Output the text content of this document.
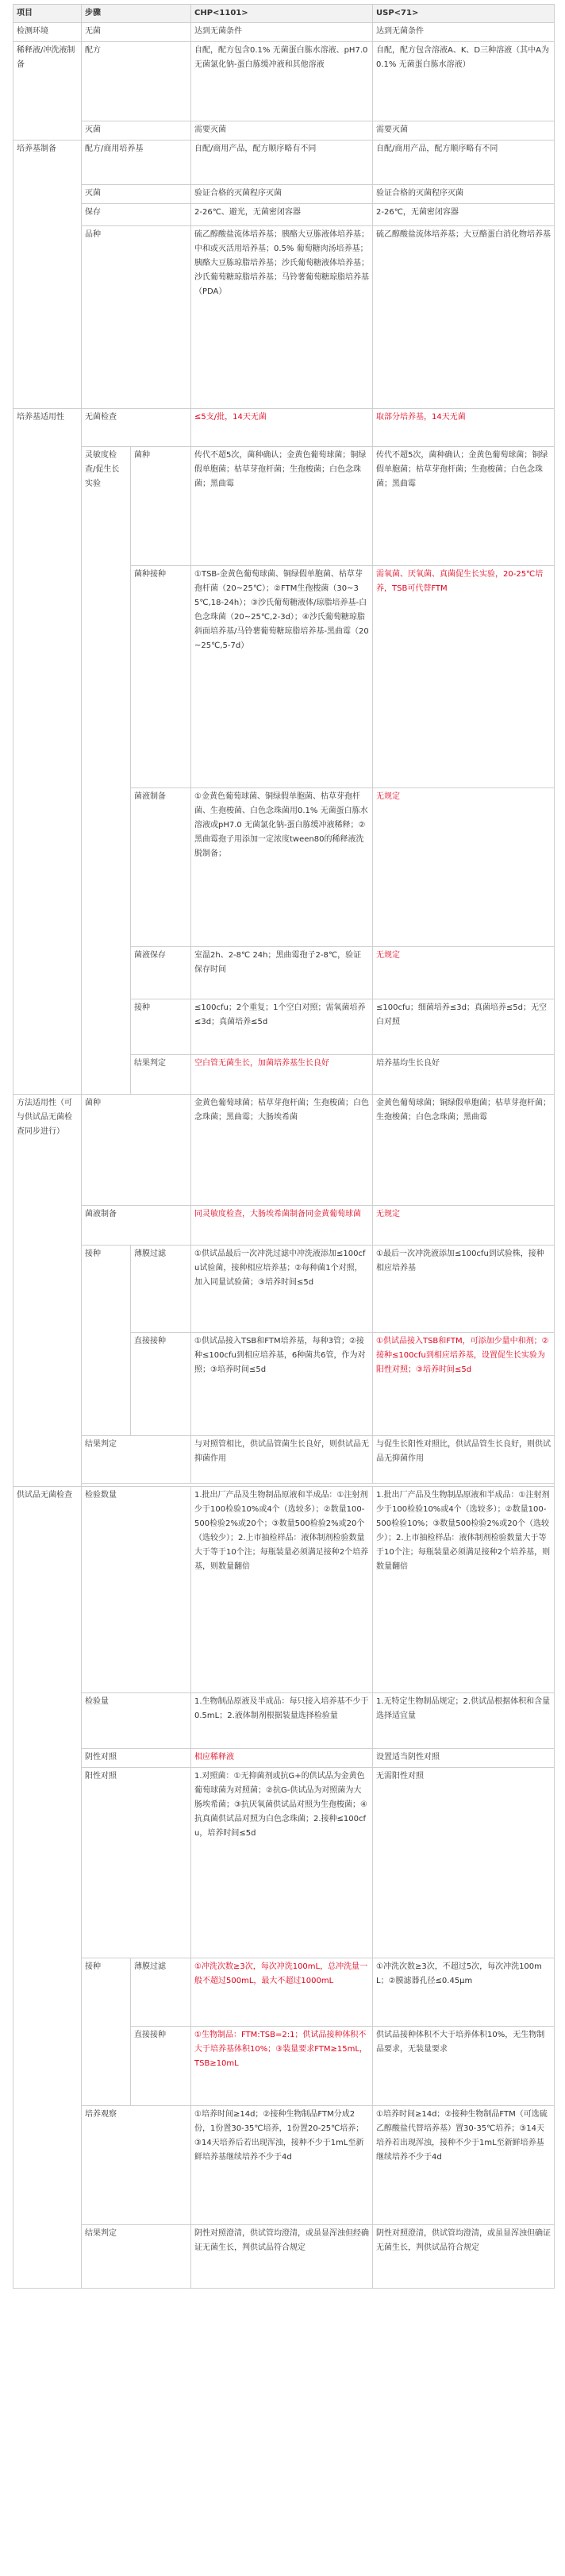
项目	步骤		CHP<1101>	USP<71>
检测环境	无菌		达到无菌条件	达到无菌条件
稀释液/冲洗液制备	配方		自配，配方包含0.1% 无菌蛋白胨水溶液、pH7.0无菌氯化钠-蛋白胨缓冲液和其他溶液	自配，配方包含溶液A、K、D三种溶液（其中A为0.1% 无菌蛋白胨水溶液）
	灭菌		需要灭菌	需要灭菌
培养基制备	配方/商用培养基		自配/商用产品，配方顺序略有不同	自配/商用产品，配方顺序略有不同
	灭菌		验证合格的灭菌程序灭菌	验证合格的灭菌程序灭菌
	保存		2-26℃、避光，无菌密闭容器	2-26℃，无菌密闭容器
	品种		硫乙醇酸盐流体培养基；胰酪大豆胨液体培养基；中和或灭活用培养基；0.5% 葡萄糖肉汤培养基；胰酪大豆胨琼脂培养基；沙氏葡萄糖液体培养基；沙氏葡萄糖琼脂培养基；马铃薯葡萄糖琼脂培养基（PDA）	硫乙醇酸盐流体培养基；大豆酪蛋白消化物培养基
培养基适用性	无菌检查		≤5支/批，14天无菌	取部分培养基，14天无菌
	灵敏度检查/促生长实验	菌种	传代不超5次，菌种确认；金黄色葡萄球菌；铜绿假单胞菌；枯草芽孢杆菌；生孢梭菌；白色念珠菌；黑曲霉	传代不超5次，菌种确认；金黄色葡萄球菌；铜绿假单胞菌；枯草芽孢杆菌；生孢梭菌；白色念珠菌；黑曲霉
		菌种接种	①TSB-金黄色葡萄球菌、铜绿假单胞菌、枯草芽孢杆菌（20~25℃）；②FTM生孢梭菌（30~35℃,18-24h）；③沙氏葡萄糖液体/琼脂培养基-白色念珠菌（20~25℃,2-3d）；④沙氏葡萄糖琼脂斜面培养基/马铃薯葡萄糖琼脂培养基-黑曲霉（20~25℃,5-7d）	需氧菌、厌氧菌、真菌促生长实验，20-25℃培养，TSB可代替FTM
		菌液制备	①金黄色葡萄球菌、铜绿假单胞菌、枯草芽孢杆菌、生孢梭菌、白色念珠菌用0.1% 无菌蛋白胨水溶液或pH7.0 无菌氯化钠-蛋白胨缓冲液稀释；②黑曲霉孢子用添加一定浓度tween80的稀释液洗脱制备；	无规定
		菌液保存	室温2h、2-8℃ 24h；黑曲霉孢子2-8℃，验证保存时间	无规定
		接种	≤100cfu；2个重复；1个空白对照；需氧菌培养≤3d；真菌培养≤5d	≤100cfu；细菌培养≤3d；真菌培养≤5d；无空白对照
		结果判定	空白管无菌生长，加菌培养基生长良好	培养基均生长良好
方法适用性（可与供试品无菌检查同步进行）	菌种		金黄色葡萄球菌；枯草芽孢杆菌；生孢梭菌；白色念珠菌；黑曲霉；大肠埃希菌	金黄色葡萄球菌；铜绿假单胞菌；枯草芽孢杆菌；生孢梭菌；白色念珠菌；黑曲霉
	菌液制备		同灵敏度检查，大肠埃希菌制备同金黄葡萄球菌	无规定
	接种	薄膜过滤	①供试品最后一次冲洗过滤中冲洗液添加≤100cfu试验菌，接种相应培养基；②每种菌1个对照，加入同量试验菌；③培养时间≤5d	①最后一次冲洗液添加≤100cfu到试验株，接种相应培养基
		直接接种	①供试品接入TSB和FTM培养基，每种3管；②接种≤100cfu到相应培养基，6种菌共6管，作为对照；③培养时间≤5d	①供试品接入TSB和FTM，可添加少量中和剂；②接种≤100cfu到相应培养基，设置促生长实验为阳性对照；③培养时间≤5d
	结果判定		与对照管相比，供试品管菌生长良好，则供试品无抑菌作用	与促生长阳性对照比，供试品管生长良好，则供试品无抑菌作用

供试品无菌检查	检验数量		1.批出厂产品及生物制品原液和半成品：①注射剂少于100检验10%或4个（选较多）；②数量100-500检验2%或20个；③数量500检验2%或20个（选较少）；2.上市抽检样品：液体制剂检验数量大于等于10个注；每瓶装量必须满足接种2个培养基，则数量翻倍	1.批出厂产品及生物制品原液和半成品：①注射剂少于100检验10%或4个（选较多）；②数量100-500检验10%；③数量500检验2%或20个（选较少）；2.上市抽检样品：液体制剂检验数量大于等于10个注；每瓶装量必须满足接种2个培养基，则数量翻倍
	检验量		1.生物制品原液及半成品：每只接入培养基不少于0.5mL；2.液体制剂根据装量选择检验量	1.无特定生物制品规定；2.供试品根据体积和含量选择适宜量
	阴性对照		相应稀释液	设置适当阴性对照
	阳性对照		1.对照菌：①无抑菌剂或抗G+的供试品为金黄色葡萄球菌为对照菌；②抗G-供试品为对照菌为大肠埃希菌；③抗厌氧菌供试品对照为生孢梭菌；④抗真菌供试品对照为白色念珠菌；2.接种≤100cfu，培养时间≤5d	无需阳性对照
	接种	薄膜过滤	①冲洗次数≥3次，每次冲洗100mL，总冲洗量一般不超过500mL，最大不超过1000mL	①冲洗次数≥3次，不超过5次，每次冲洗100mL；②膜滤器孔径≤0.45μm
		直接接种	①生物制品：FTM:TSB=2:1；供试品接种体积不大于培养基体积10%；③装量要求FTM≥15mL，TSB≥10mL	供试品接种体积不大于培养体积10%，无生物制品要求，无装量要求
	培养观察		①培养时间≥14d；②接种生物制品FTM分成2份，1份置30-35℃培养，1份置20-25℃培养；③14天培养后若出现浑浊，接种不少于1mL至新鲜培养基继续培养不少于4d	①培养时间≥14d；②接种生物制品FTM（可选硫乙醇酸盐代替培养基）置30-35℃培养；③14天培养若出现浑浊，接种不少于1mL至新鲜培养基继续培养不少于4d
	结果判定		阴性对照澄清，供试管均澄清，或虽显浑浊但经确证无菌生长，判供试品符合规定	阴性对照澄清，供试管均澄清，或虽显浑浊但确证无菌生长，判供试品符合规定
